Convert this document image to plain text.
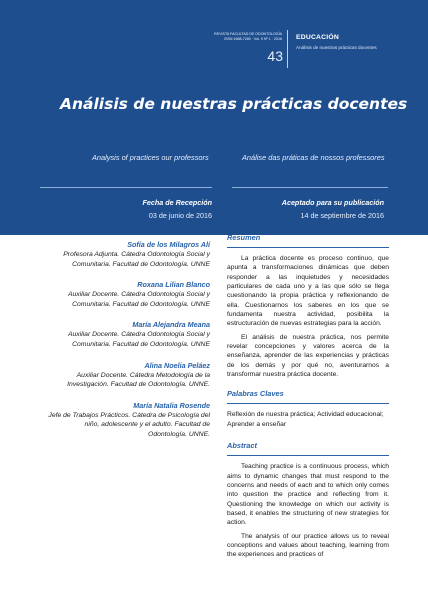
REVISTA FACULTAD DE ODONTOLOGÍA
ISSN 1668-7280 · Vol. 9 Nº 1 · 2016
43
EDUCACIÓN
Análisis de nuestras prácticas docentes
Análisis de nuestras prácticas docentes
Analysis of practices our professors	Análise das práticas de nossos professores
Fecha de Recepción
03 de junio de 2016
Aceptado para su publicación
14 de septiembre de 2016
Sofía de los Milagros Alí
Profesora Adjunta. Cátedra Odontología Social y Comunitaria. Facultad de Odontología. UNNE
Roxana Lilian Blanco
Auxiliar Docente. Cátedra Odontología Social y Comunitaria. Facultad de Odontología. UNNE
María Alejandra Meana
Auxiliar Docente. Cátedra Odontología Social y Comunitaria. Facultad de Odontología. UNNE
Alina Noelia Peláez
Auxiliar Docente. Cátedra Metodología de la Investigación. Facultad de Odontología. UNNE.
María Natalia Rosende
Jefe de Trabajos Prácticos. Cátedra de Psicología del niño, adolescente y el adulto. Facultad de Odontología. UNNE.
Resumen

La práctica docente es proceso continuo, que apunta a transformaciones dinámicas que deben responder a las inquietudes y necesidades particulares de cada uno y a las que sólo se llega cuestionando la propia práctica y reflexionando de ella. Cuestionarnos los saberes en los que se fundamenta nuestra actividad, posibilita la estructuración de nuevas estrategias para la acción.

El análisis de nuestra práctica, nos permite revelar concepciones y valores acerca de la enseñanza, aprender de las experiencias y prácticas de los demás y por qué no, aventurarnos a transformar nuestra práctica docente.

Palabras Claves
Reflexión de nuestra práctica; Actividad educacional; Aprender a enseñar
Abstract

Teaching practice is a continuous process, which aims to dynamic changes that must respond to the concerns and needs of each and to which only comes into question the practice and reflecting from it. Questioning the knowledge on which our activity is based, it enables the structuring of new strategies for action.

The analysis of our practice allows us to reveal conceptions and values about teaching, learning from the experiences and practices of
